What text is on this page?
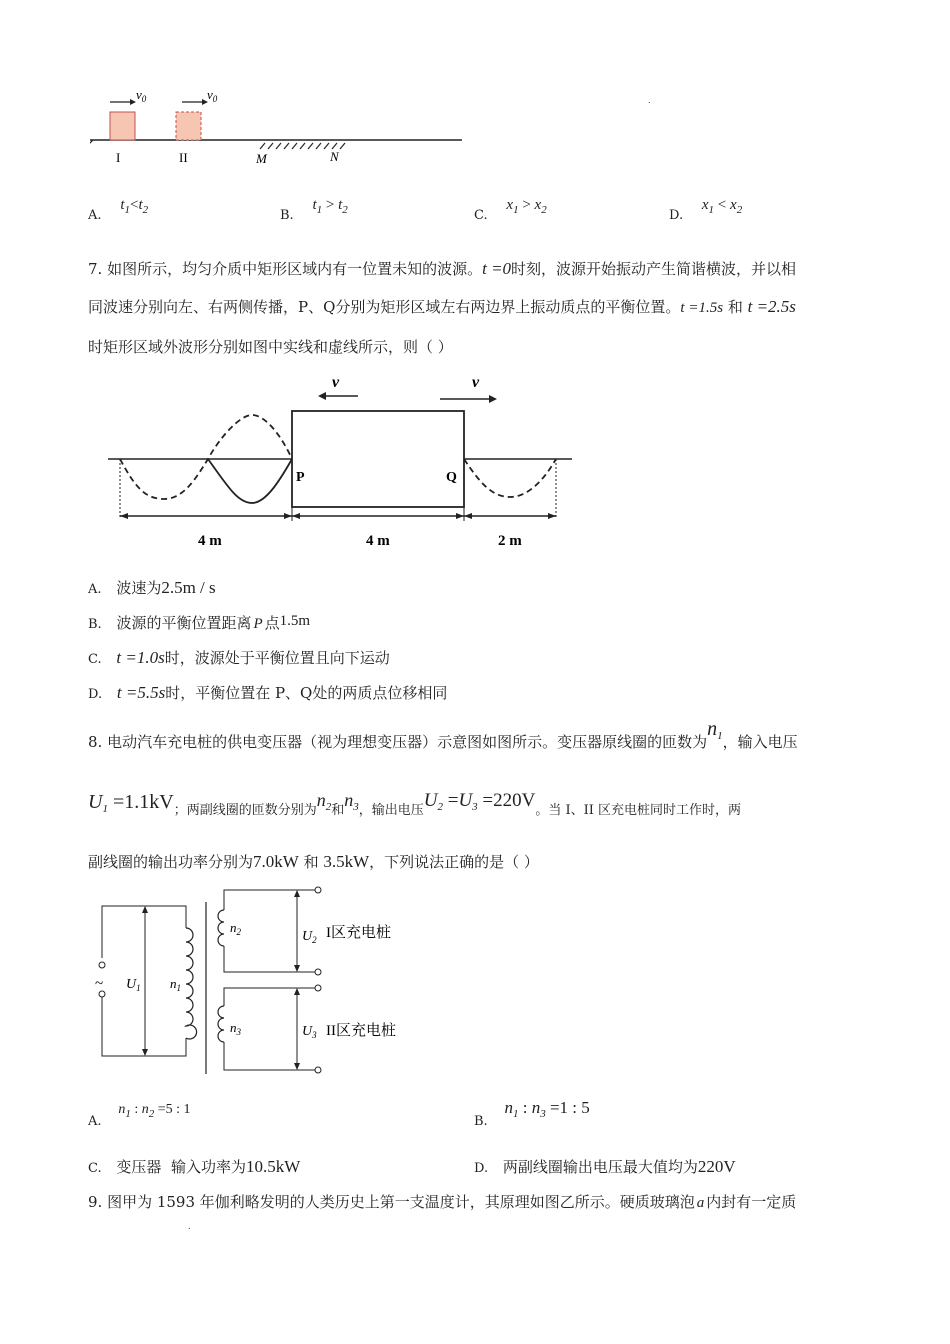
$v_0$	$v_0$
I	II	M	N
.
A. $t_1<t_2$	B. $t_1 > t_2$	C. $x_1 > x_2$	D. $x_1 < x_2$
7. 如图所示，均匀介质中矩形区域内有一位置未知的波源。t =0时刻，波源开始振动产生简谐横波，并以相
同波速分别向左、右两侧传播，P、Q分别为矩形区域左右两边界上振动质点的平衡位置。t =1.5s 和 t =2.5s
时矩形区域外波形分别如图中实线和虚线所示，则（ ）
v	v
P	Q
4 m	4 m	2 m
A. 波速为2.5m / s
B. 波源的平衡位置距离 P 点1.5m
C. t =1.0s时，波源处于平衡位置且向下运动
D. t =5.5s时，平衡位置在 P、Q处的两质点位移相同
8. 电动汽车充电桩的供电变压器（视为理想变压器）示意图如图所示。变压器原线圈的匝数为$n_1$，输入电压
$U_1 =1.1kV$；两副线圈的匝数分别为$n_2$和$n_3$，输出电压$U_2 =U_3 =220V$。当 I、II 区充电桩同时工作时，两
副线圈的输出功率分别为7.0kW 和 3.5kW，下列说法正确的是（ ）
~ $U_1$ $n_1$
$n_2$	$U_2$
$n_3$	$U_3$
I区充电桩
II区充电桩
A. $n_1$ : $n_2 =5$ : 1
B. $n_1$ : $n_3 =1$ : 5
C. 变压器  输入功率为10.5kW	D. 两副线圈输出电压最大值均为220V
9. 图甲为 1593 年伽利略发明的人类历史上第一支温度计，其原理如图乙所示。硬质玻璃泡 a 内封有一定质
.
